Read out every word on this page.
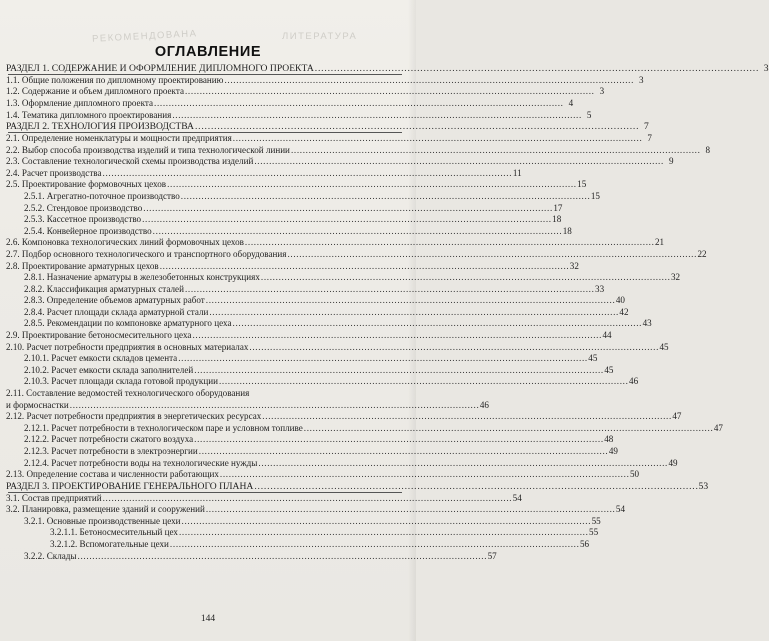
РЕКОМЕНДОВАНА	ЛИТЕРАТУРА
ОГЛАВЛЕНИЕ
РАЗДЕЛ 1. СОДЕРЖАНИЕ И ОФОРМЛЕНИЕ ДИПЛОМНОГО ПРОЕКТА . . .	3
1.1. Общие положения по дипломному проектированию . . .	3
1.2. Содержание и объем дипломного проекта . . .	3
1.3. Оформление дипломного проекта . . .	4
1.4. Тематика дипломного проектирования . . .	5
РАЗДЕЛ 2. ТЕХНОЛОГИЯ ПРОИЗВОДСТВА . . .	7
2.1. Определение номенклатуры и мощности предприятия . . .	7
2.2. Выбор способа производства изделий и типа технологической линии . . .	8
2.3. Составление технологической схемы производства изделий . . .	9
2.4. Расчет производства . . .	11
2.5. Проектирование формовочных цехов . . .	15
2.5.1. Агрегатно-поточное производство . . .	15
2.5.2. Стендовое производство . . .	17
2.5.3. Кассетное производство . . .	18
2.5.4. Конвейерное производство . . .	18
2.6. Компоновка технологических линий формовочных цехов . . .	21
2.7. Подбор основного технологического и транспортного оборудования . . .	22
2.8. Проектирование арматурных цехов . . .	32
2.8.1. Назначение арматуры в железобетонных конструкциях . . .	32
2.8.2. Классификация арматурных сталей . . .	33
2.8.3. Определение объемов арматурных работ . . .	40
2.8.4. Расчет площади склада арматурной стали . . .	42
2.8.5. Рекомендации по компоновке арматурного цеха . . .	43
2.9. Проектирование бетоносмесительного цеха . . .	44
2.10. Расчет потребности предприятия в основных материалах . . .	45
2.10.1. Расчет емкости складов цемента . . .	45
2.10.2. Расчет емкости склада заполнителей . . .	45
2.10.3. Расчет площади склада готовой продукции . . .	46
2.11. Составление ведомостей технологического оборудования
и формоснастки . . .	46
2.12. Расчет потребности предприятия в энергетических ресурсах . . .	47
2.12.1. Расчет потребности в технологическом паре и условном топливе . . .	47
2.12.2. Расчет потребности сжатого воздуха . . .	48
2.12.3. Расчет потребности в электроэнергии . . .	49
2.12.4. Расчет потребности воды на технологические нужды . . .	49
2.13. Определение состава и численности работающих . . .	50
РАЗДЕЛ 3. ПРОЕКТИРОВАНИЕ ГЕНЕРАЛЬНОГО ПЛАНА . . .	53
3.1. Состав предприятий . . .	54
3.2. Планировка, размещение зданий и сооружений . . .	54
3.2.1. Основные производственные цехи . . .	55
3.2.1.1. Бетоносмесительный цех . . .	55
3.2.1.2. Вспомогательные цехи . . .	56
3.2.2. Склады . . .	57
144
